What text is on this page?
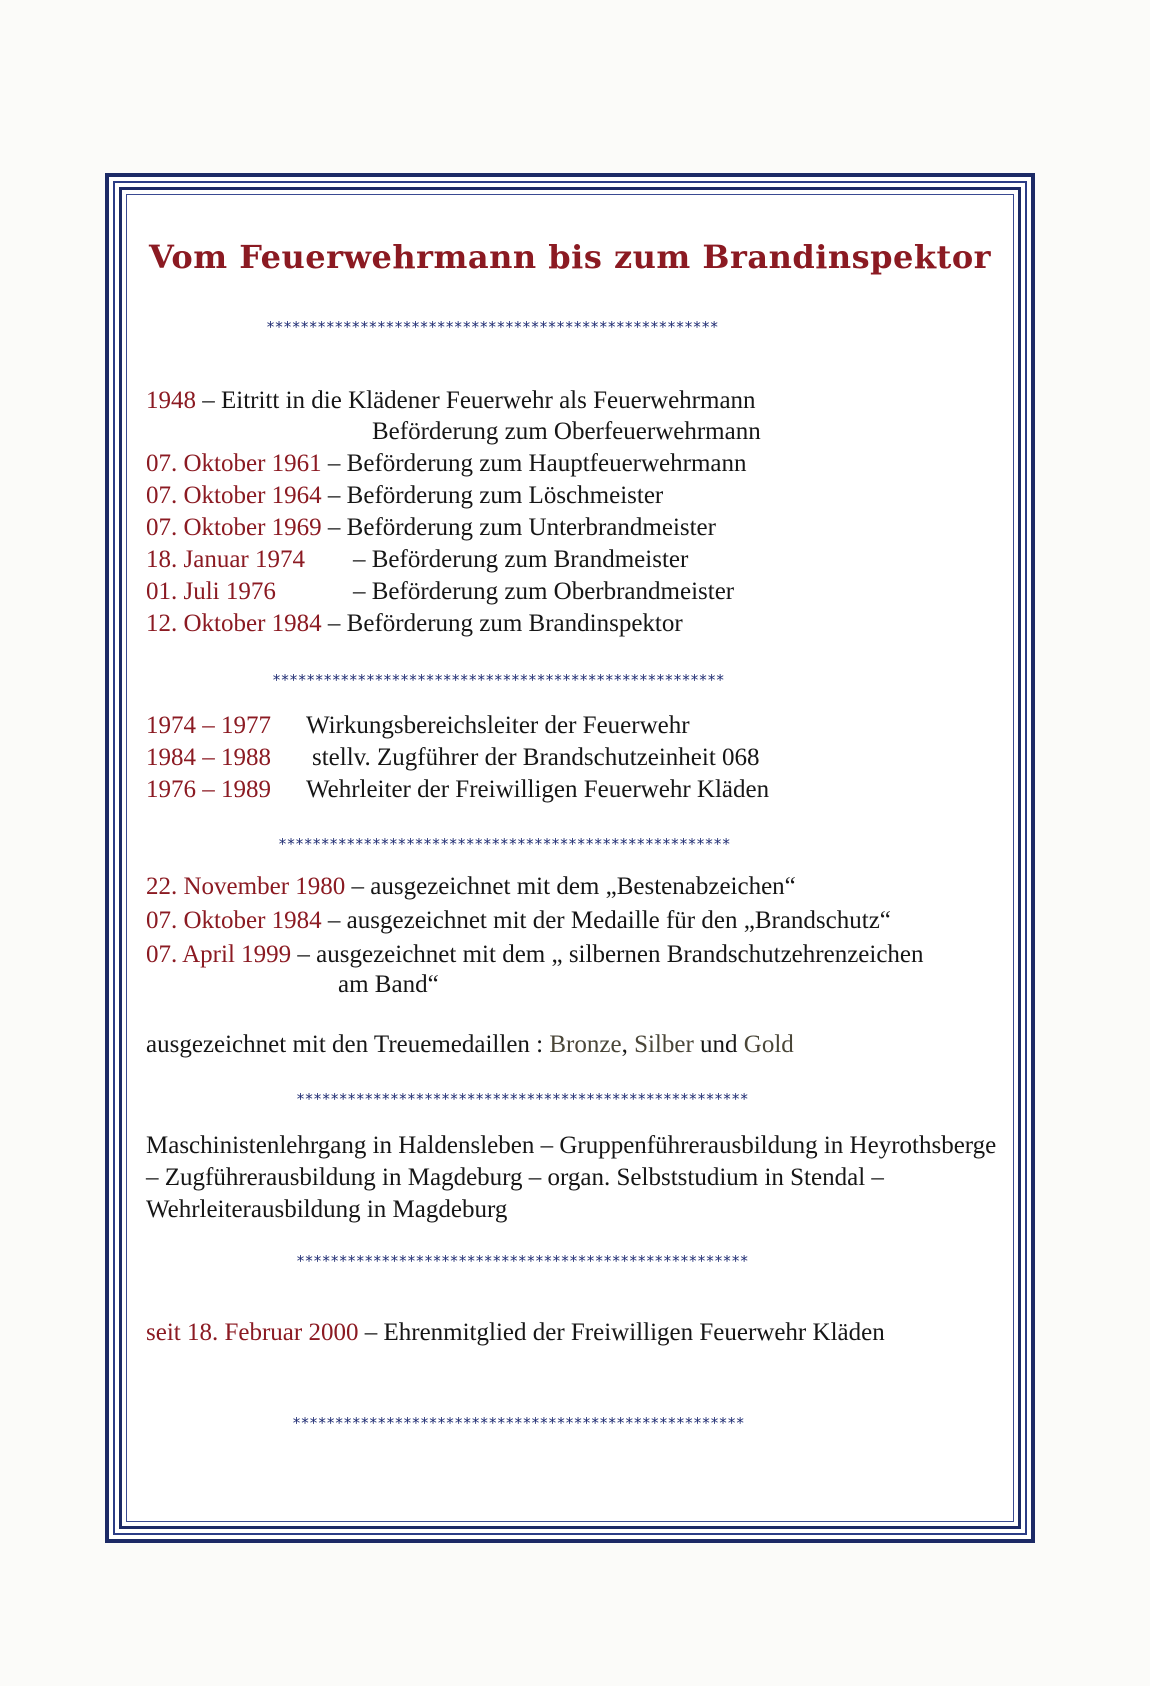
Vom Feuerwehrmann bis zum Brandinspektor
*****************************************************
1948 – Eitritt in die Klädener Feuerwehr als Feuerwehrmann
Beförderung zum Oberfeuerwehrmann
07. Oktober 1961 – Beförderung zum Hauptfeuerwehrmann
07. Oktober 1964 – Beförderung zum Löschmeister
07. Oktober 1969 – Beförderung zum Unterbrandmeister
18. Januar 1974 – Beförderung zum Brandmeister
01. Juli 1976	– Beförderung zum Oberbrandmeister
12. Oktober 1984 – Beförderung zum Brandinspektor
*****************************************************
1974 – 1977 Wirkungsbereichsleiter der Feuerwehr
1984 – 1988 stellv. Zugführer der Brandschutzeinheit 068
1976 – 1989 Wehrleiter der Freiwilligen Feuerwehr Kläden
*****************************************************
22. November 1980 – ausgezeichnet mit dem „Bestenabzeichen“
07. Oktober 1984 – ausgezeichnet mit der Medaille für den „Brandschutz“
07. April 1999 – ausgezeichnet mit dem „ silbernen Brandschutzehrenzeichen
am Band“
ausgezeichnet mit den Treuemedaillen : Bronze, Silber und Gold
*****************************************************
Maschinistenlehrgang in Haldensleben – Gruppenführerausbildung in Heyrothsberge – Zugführerausbildung in Magdeburg – organ. Selbststudium in Stendal – Wehrleiterausbildung in Magdeburg
*****************************************************
seit 18. Februar 2000 – Ehrenmitglied der Freiwilligen Feuerwehr Kläden
*****************************************************
